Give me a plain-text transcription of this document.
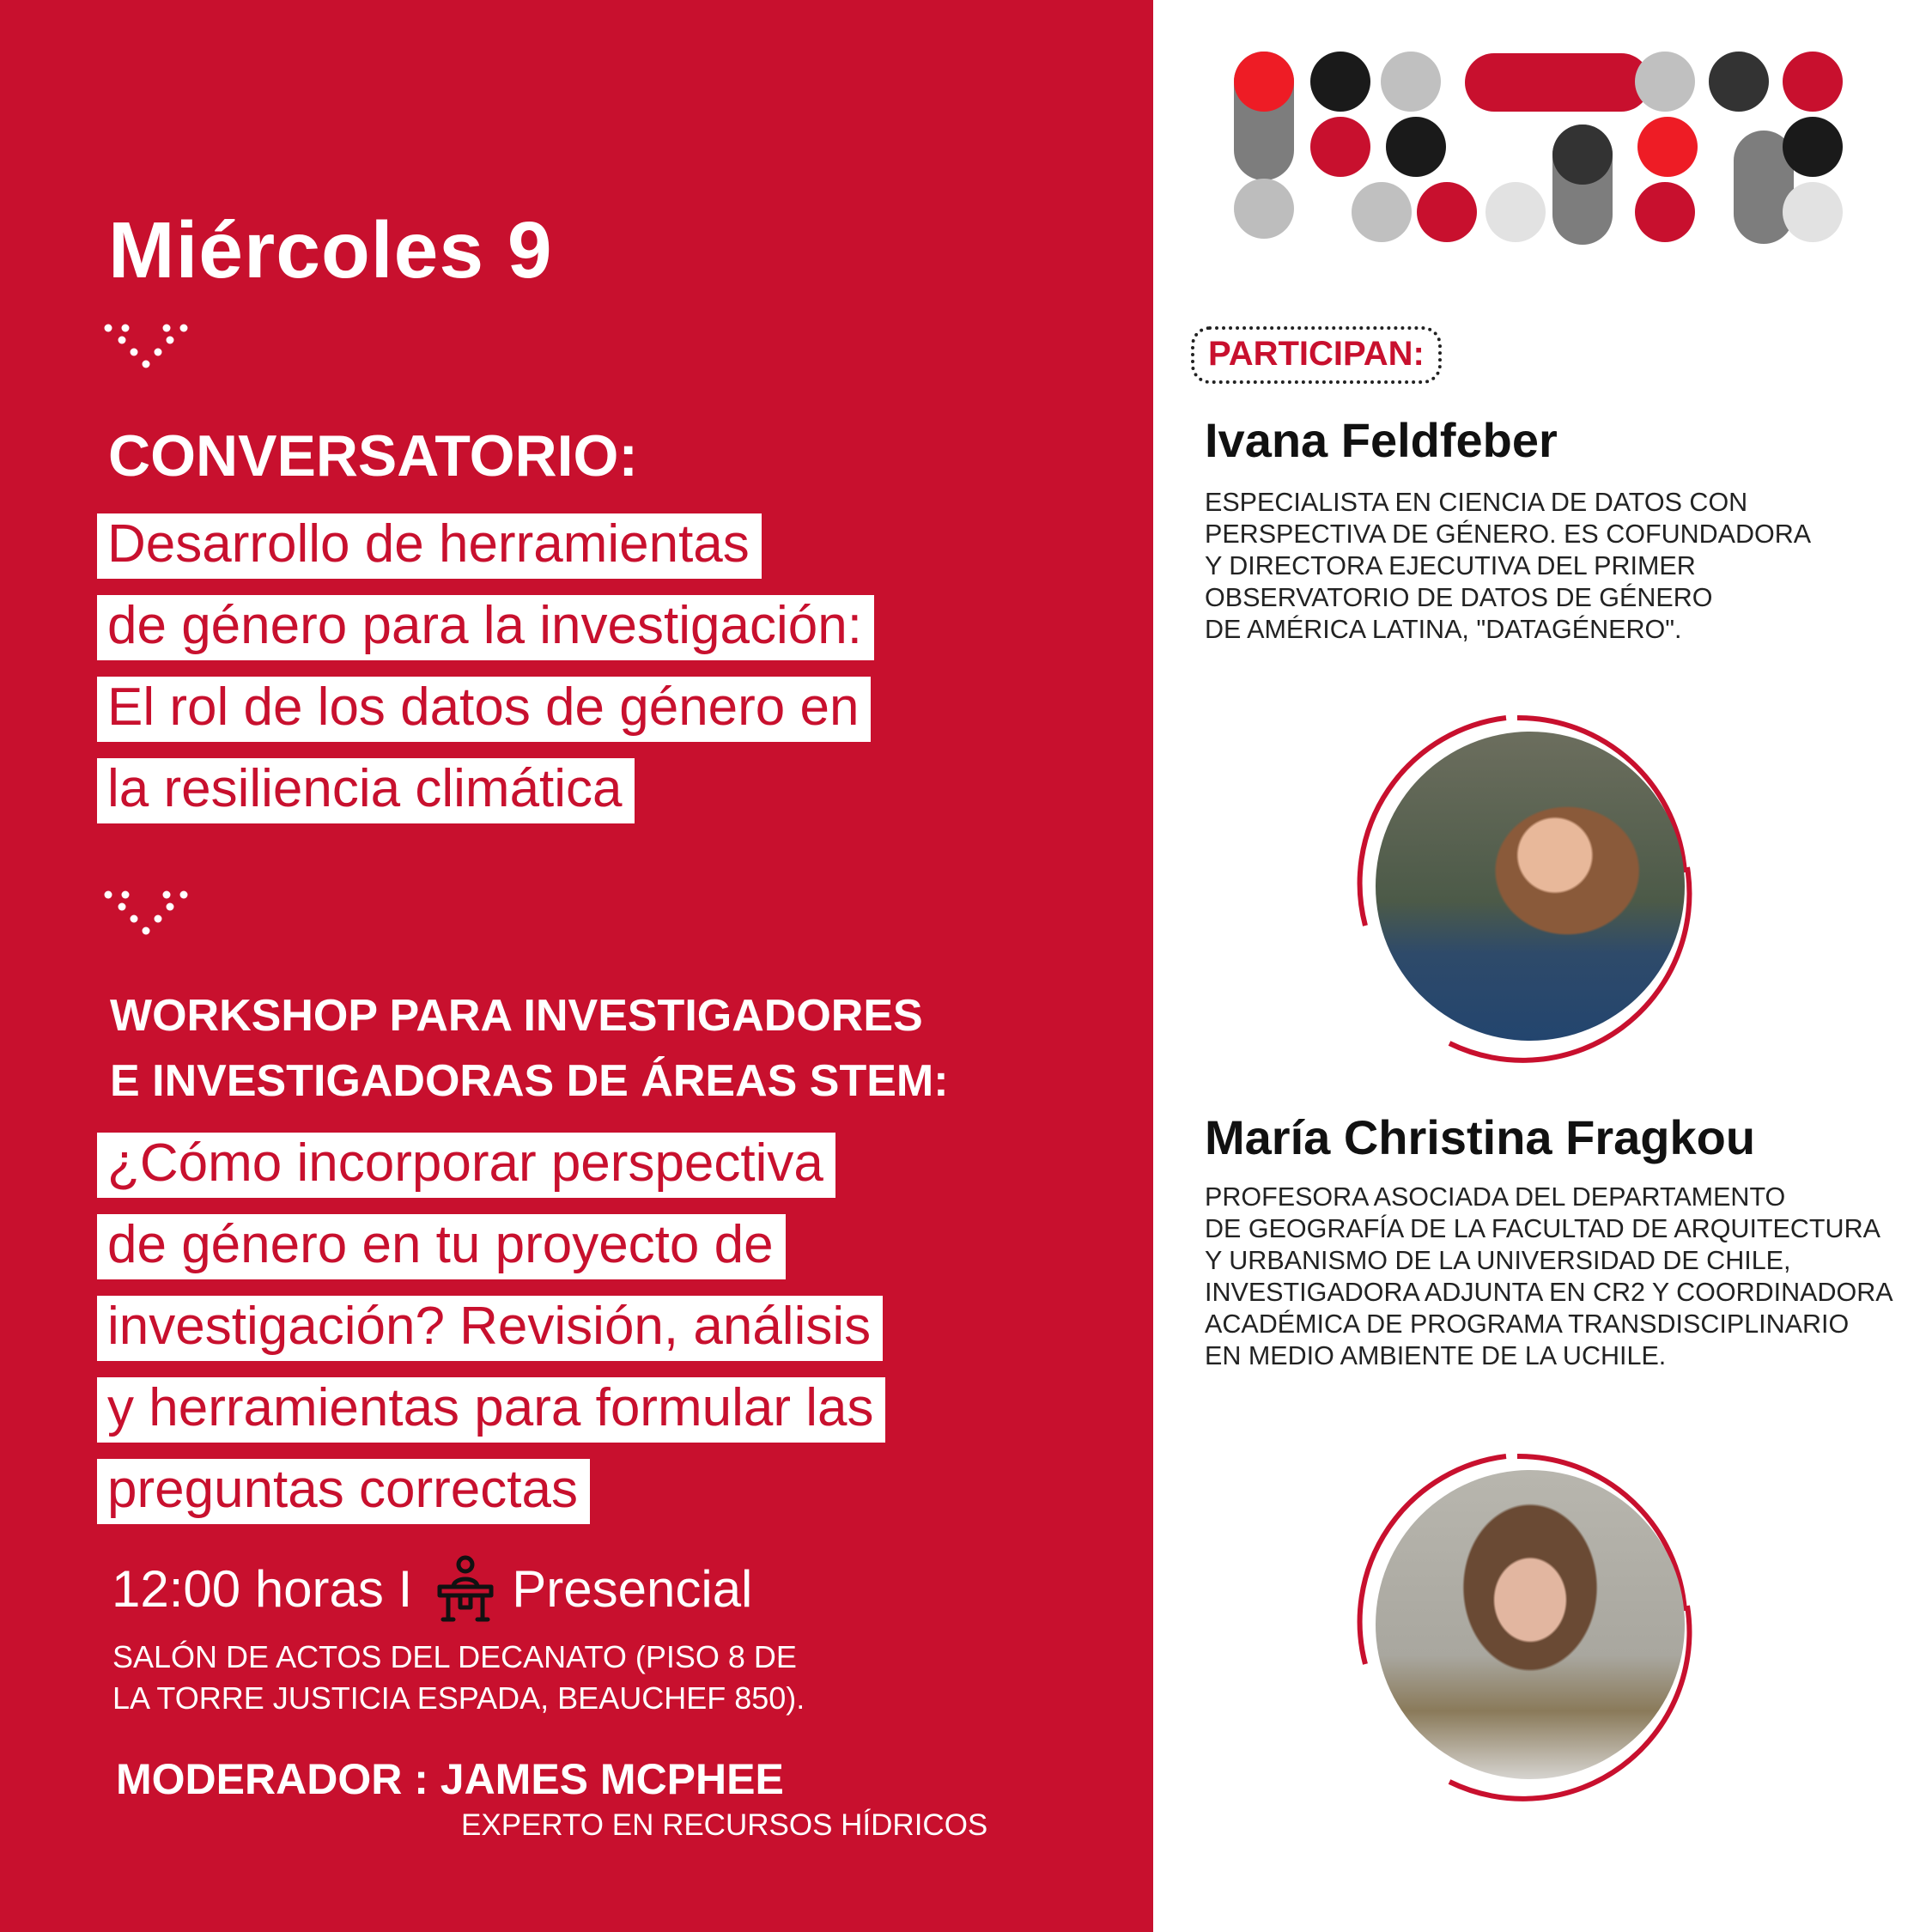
Miércoles 9
CONVERSATORIO:
Desarrollo de herramientas
de género para la investigación:
El rol de los datos de género en
la resiliencia climática
WORKSHOP PARA INVESTIGADORES
E INVESTIGADORAS DE ÁREAS STEM:
¿Cómo incorporar perspectiva
de género en tu proyecto de
investigación? Revisión, análisis
y herramientas para formular las
preguntas correctas
12:00 horas I Presencial
SALÓN DE ACTOS DEL DECANATO (PISO 8 DE
LA TORRE JUSTICIA ESPADA, BEAUCHEF 850).
MODERADOR : JAMES MCPHEE
EXPERTO EN RECURSOS HÍDRICOS
PARTICIPAN:
Ivana Feldfeber
ESPECIALISTA EN CIENCIA DE DATOS CON
PERSPECTIVA DE GÉNERO. ES COFUNDADORA
Y DIRECTORA EJECUTIVA DEL PRIMER
OBSERVATORIO DE DATOS DE GÉNERO
DE AMÉRICA LATINA, "DATAGÉNERO".
María Christina Fragkou
PROFESORA ASOCIADA DEL DEPARTAMENTO
DE GEOGRAFÍA DE LA FACULTAD DE ARQUITECTURA
Y URBANISMO DE LA UNIVERSIDAD DE CHILE,
INVESTIGADORA ADJUNTA EN CR2 Y COORDINADORA
ACADÉMICA DE PROGRAMA TRANSDISCIPLINARIO
EN MEDIO AMBIENTE DE LA UCHILE.
